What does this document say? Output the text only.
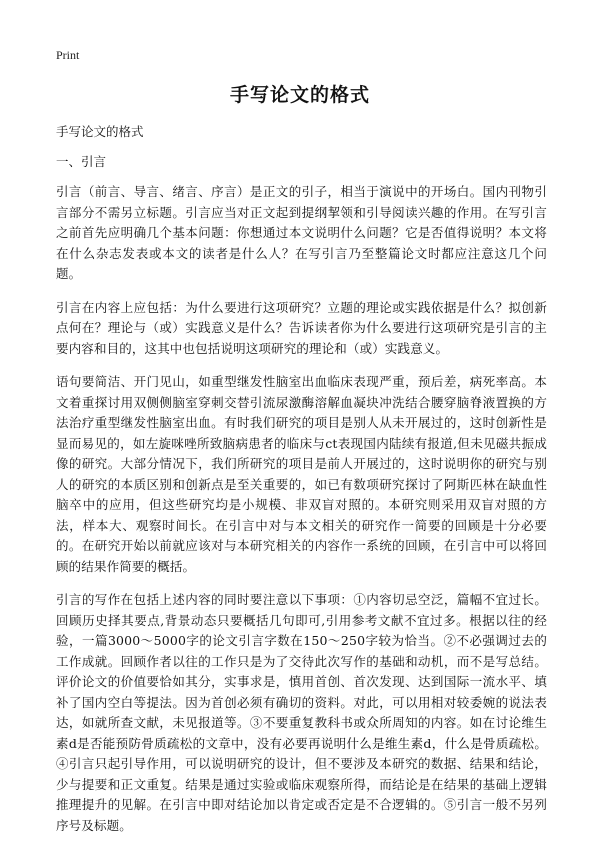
Print
手写论文的格式
手写论文的格式
一、引言

引言（前言、导言、绪言、序言）是正文的引子，相当于演说中的开场白。国内刊物引言部分不需另立标题。引言应当对正文起到提纲挈领和引导阅读兴趣的作用。在写引言之前首先应明确几个基本问题：你想通过本文说明什么问题？它是否值得说明？本文将在什么杂志发表或本文的读者是什么人？在写引言乃至整篇论文时都应注意这几个问题。

引言在内容上应包括：为什么要进行这项研究？立题的理论或实践依据是什么？拟创新点何在？理论与（或）实践意义是什么？告诉读者你为什么要进行这项研究是引言的主要内容和目的，这其中也包括说明这项研究的理论和（或）实践意义。

语句要简洁、开门见山，如重型继发性脑室出血临床表现严重，预后差，病死率高。本文着重探讨用双侧侧脑室穿刺交替引流尿激酶溶解血凝块冲洗结合腰穿脑脊液置换的方法治疗重型继发性脑室出血。有时我们研究的项目是别人从未开展过的，这时创新性是显而易见的，如左旋咪唑所致脑病患者的临床与ct表现国内陆续有报道,但未见磁共振成像的研究。大部分情况下，我们所研究的项目是前人开展过的，这时说明你的研究与别人的研究的本质区别和创新点是至关重要的，如已有数项研究探讨了阿斯匹林在缺血性脑卒中的应用，但这些研究均是小规模、非双盲对照的。本研究则采用双盲对照的方法，样本大、观察时间长。在引言中对与本文相关的研究作一简要的回顾是十分必要的。在研究开始以前就应该对与本研究相关的内容作一系统的回顾，在引言中可以将回顾的结果作简要的概括。

引言的写作在包括上述内容的同时要注意以下事项：①内容切忌空泛，篇幅不宜过长。回顾历史择其要点,背景动态只要概括几句即可,引用参考文献不宜过多。根据以往的经验，一篇3000～5000字的论文引言字数在150～250字较为恰当。②不必强调过去的工作成就。回顾作者以往的工作只是为了交待此次写作的基础和动机，而不是写总结。评价论文的价值要恰如其分，实事求是，慎用首创、首次发现、达到国际一流水平、填补了国内空白等提法。因为首创必须有确切的资料。对此，可以用相对较委婉的说法表达，如就所查文献，未见报道等。③不要重复教科书或众所周知的内容。如在讨论维生素d是否能预防骨质疏松的文章中，没有必要再说明什么是维生素d，什么是骨质疏松。④引言只起引导作用，可以说明研究的设计，但不要涉及本研究的数据、结果和结论，少与提要和正文重复。结果是通过实验或临床观察所得，而结论是在结果的基础上逻辑推理提升的见解。在引言中即对结论加以肯定或否定是不合逻辑的。⑤引言一般不另列序号及标题。
